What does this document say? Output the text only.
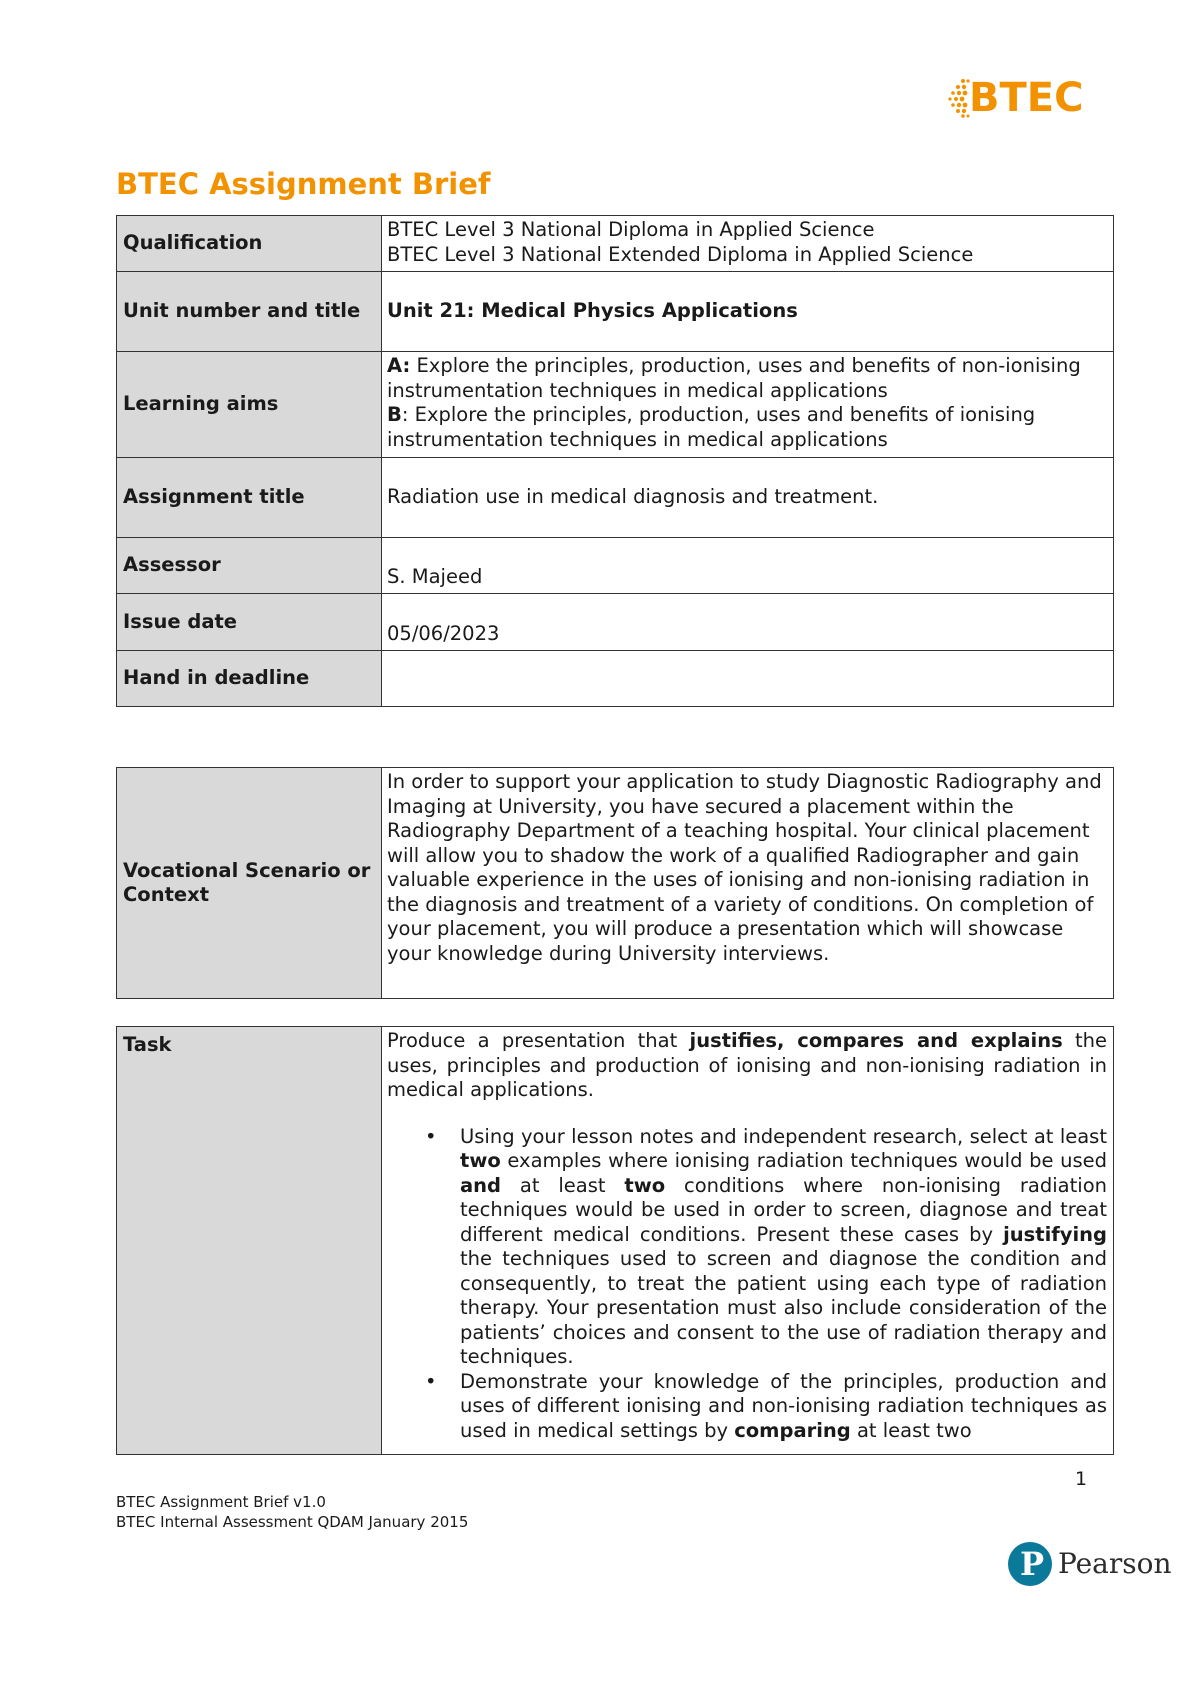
BTEC
BTEC Assignment Brief
Qualification	BTEC Level 3 National Diploma in Applied Science
BTEC Level 3 National Extended Diploma in Applied Science

Unit number and title	Unit 21: Medical Physics Applications
Learning aims	A: Explore the principles, production, uses and benefits of non-ionising instrumentation techniques in medical applications
B: Explore the principles, production, uses and benefits of ionising instrumentation techniques in medical applications

Assignment title	Radiation use in medical diagnosis and treatment.
Assessor	S. Majeed
Issue date	05/06/2023
Hand in deadline	
Vocational Scenario or Context	In order to support your application to study Diagnostic Radiography and Imaging at University, you have secured a placement within the Radiography Department of a teaching hospital. Your clinical placement will allow you to shadow the work of a qualified Radiographer and gain valuable experience in the uses of ionising and non-ionising radiation in the diagnosis and treatment of a variety of conditions. On completion of your placement, you will produce a presentation which will showcase your knowledge during University interviews.
Task	Produce a presentation that justifies, compares and explains the uses, principles and production of ionising and non-ionising radiation in medical applications.
• Using your lesson notes and independent research, select at least two examples where ionising radiation techniques would be used and at least two conditions where non-ionising radiation techniques would be used in order to screen, diagnose and treat different medical conditions. Present these cases by justifying the techniques used to screen and diagnose the condition and consequently, to treat the patient using each type of radiation therapy. Your presentation must also include consideration of the patients’ choices and consent to the use of radiation therapy and techniques.
• Demonstrate your knowledge of the principles, production and uses of different ionising and non-ionising radiation techniques as used in medical settings by comparing at least two
1
BTEC Assignment Brief v1.0
BTEC Internal Assessment QDAM January 2015
P Pearson
